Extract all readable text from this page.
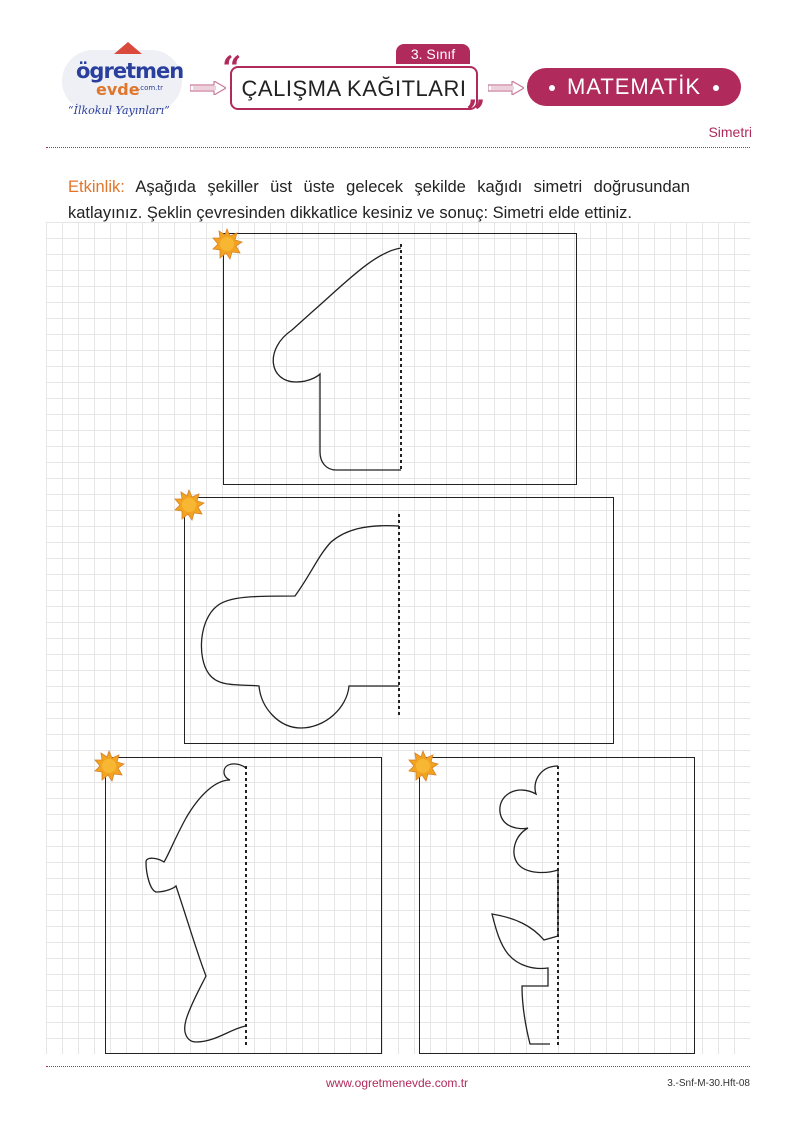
ögretmen
evde
.com.tr
“İlkokul Yayınları”
3. Sınıf
“ ÇALIŞMA KAĞITLARI
”
MATEMATİK
Simetri
Etkinlik: Aşağıda şekiller üst üste gelecek şekilde kağıdı simetri doğrusundan katlayınız. Şeklin çevresinden dikkatlice kesiniz ve sonuç: Simetri elde ettiniz.
www.ogretmenevde.com.tr	3.-Snf-M-30.Hft-08
